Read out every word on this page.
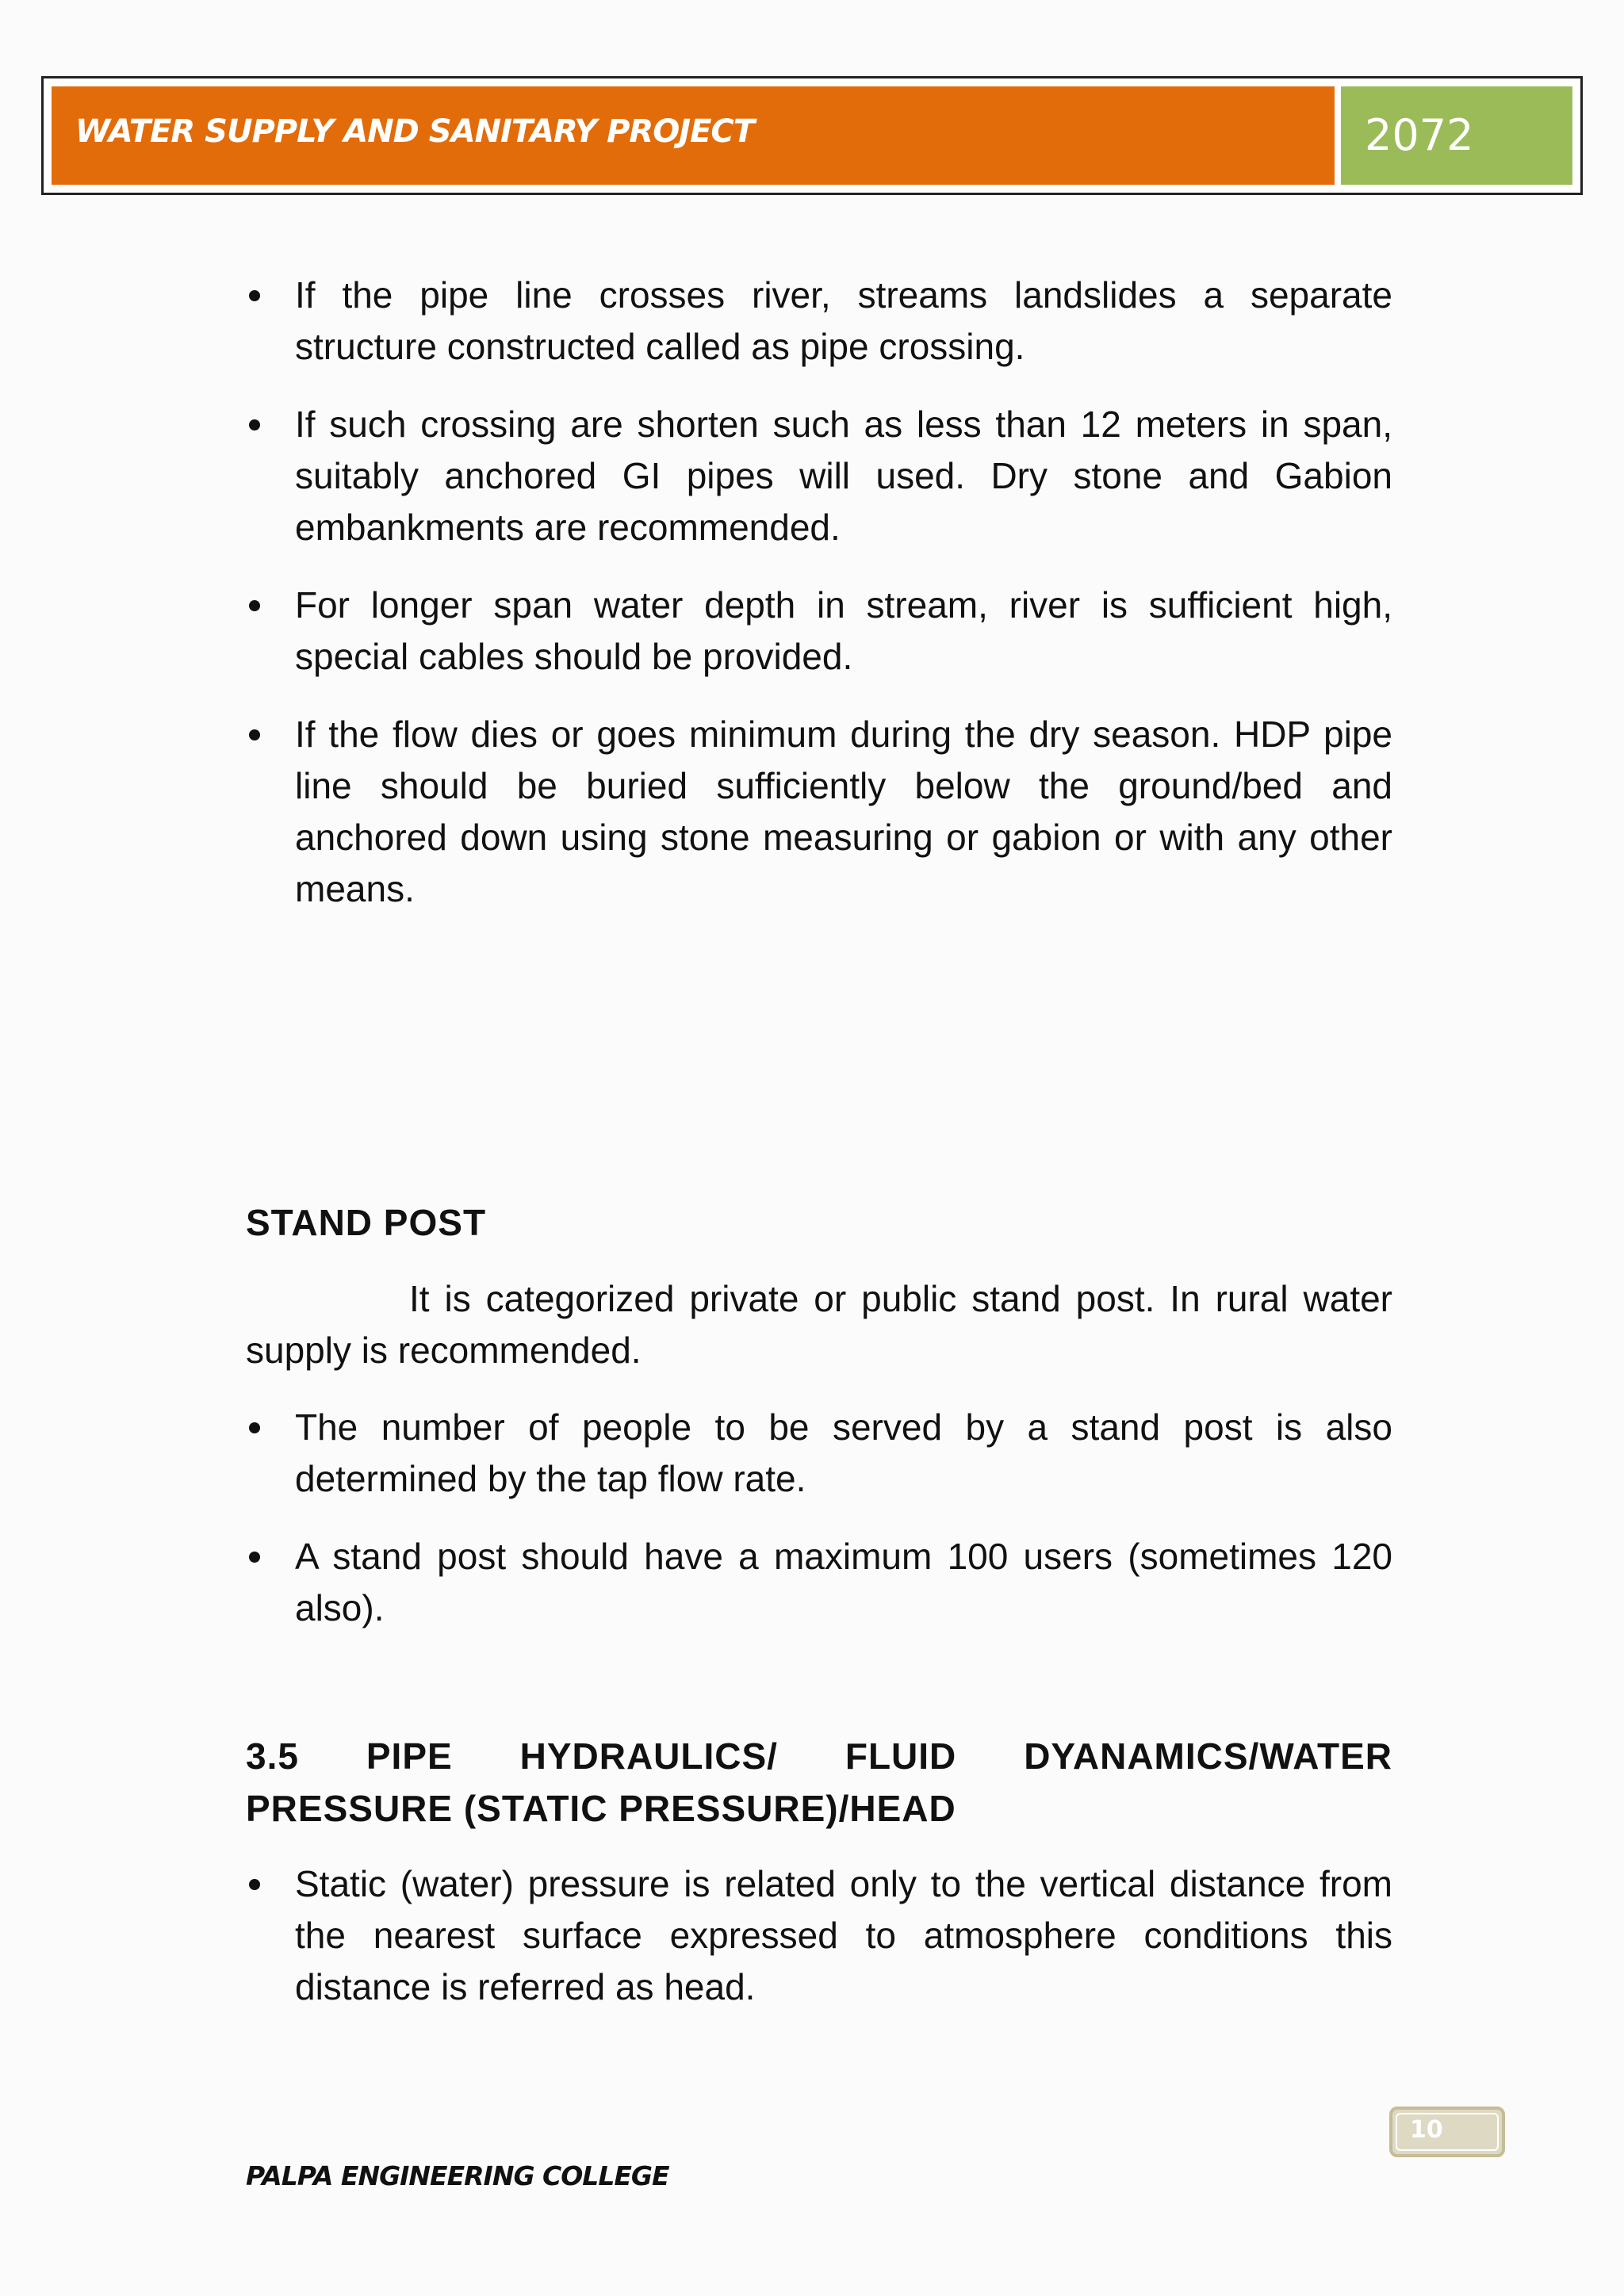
WATER SUPPLY AND SANITARY PROJECT	2072
If the pipe line crosses river, streams landslides a separate structure constructed called as pipe crossing.
If such crossing are shorten such as less than 12 meters in span, suitably anchored GI pipes will used. Dry stone and Gabion embankments are recommended.
For longer span water depth in stream, river is sufficient high, special cables should be provided.
If the flow dies or goes minimum during the dry season. HDP pipe line should be buried sufficiently below the ground/bed and anchored down using stone measuring or gabion or with any other means.
STAND POST
It is categorized private or public stand post. In rural water supply is recommended.
The number of people to be served by a stand post is also determined by the tap flow rate.
A stand post should have a maximum 100 users (sometimes 120 also).
3.5 PIPE HYDRAULICS/ FLUID DYANAMICS/WATER
PRESSURE (STATIC PRESSURE)/HEAD
Static (water) pressure is related only to the vertical distance from the nearest surface expressed to atmosphere conditions this distance is referred as head.
10
PALPA ENGINEERING COLLEGE
